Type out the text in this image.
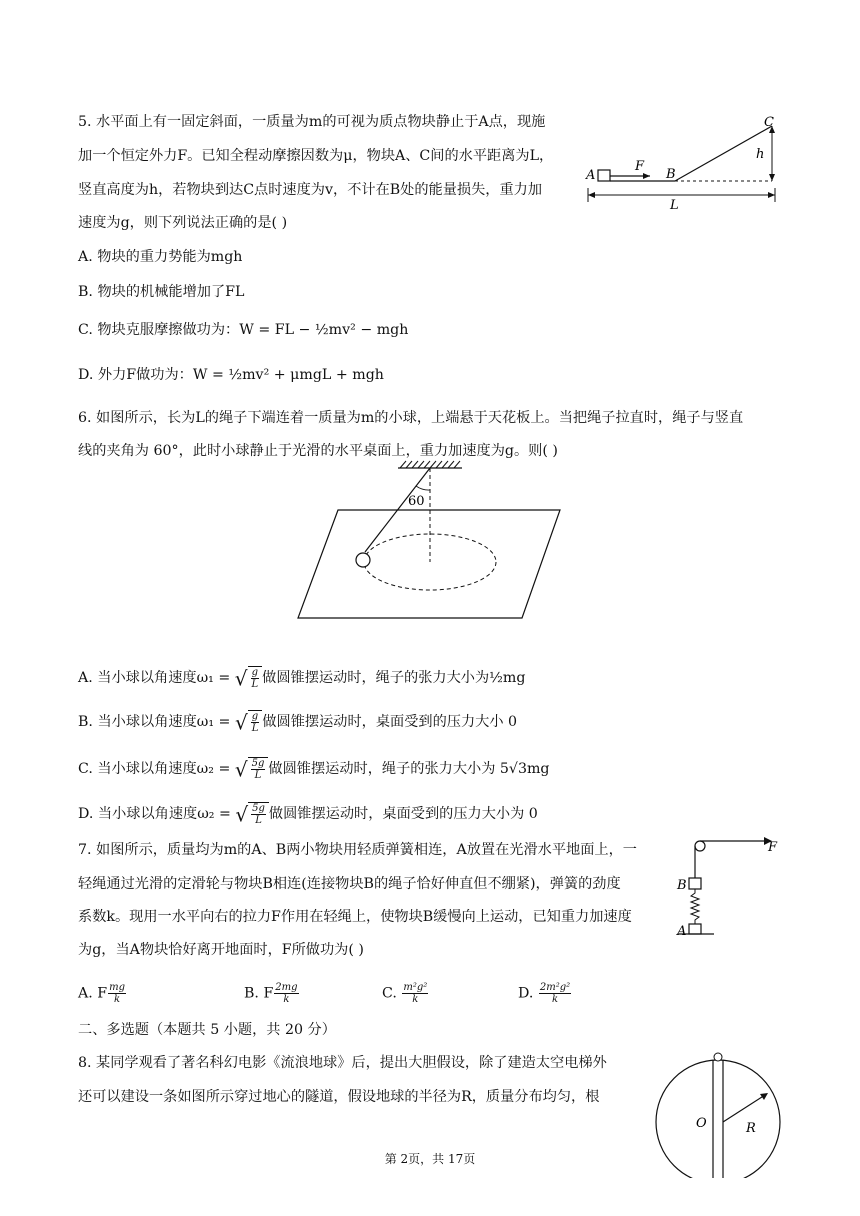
5. 水平面上有一固定斜面，一质量为m的可视为质点物块静止于A点，现施
加一个恒定外力F。已知全程动摩擦因数为μ，物块A、C间的水平距离为L，
竖直高度为h，若物块到达C点时速度为v，不计在B处的能量损失，重力加
速度为g，则下列说法正确的是( )
A
F
B
C
h
L
A. 物块的重力势能为mgh
B. 物块的机械能增加了FL
C. 物块克服摩擦做功为：W = FL − ½mv² − mgh
D. 外力F做功为：W = ½mv² + μmgL + mgh
6. 如图所示，长为L的绳子下端连着一质量为m的小球，上端悬于天花板上。当把绳子拉直时，绳子与竖直
线的夹角为 60°，此时小球静止于光滑的水平桌面上，重力加速度为g。则( )
60
A. 当小球以角速度ω₁ = √ $\frac{g}{L}$ 做圆锥摆运动时，绳子的张力大小为½mg
B. 当小球以角速度ω₁ = √ $\frac{g}{L}$ 做圆锥摆运动时，桌面受到的压力大小 0
C. 当小球以角速度ω₂ = √ $\frac{5g}{L}$ 做圆锥摆运动时，绳子的张力大小为 5√3mg
D. 当小球以角速度ω₂ = √ $\frac{5g}{L}$ 做圆锥摆运动时，桌面受到的压力大小为 0
7. 如图所示，质量均为m的A、B两小物块用轻质弹簧相连，A放置在光滑水平地面上，一
轻绳通过光滑的定滑轮与物块B相连(连接物块B的绳子恰好伸直但不绷紧)，弹簧的劲度
系数k。现用一水平向右的拉力F作用在轻绳上，使物块B缓慢向上运动，已知重力加速度
为g，当A物块恰好离开地面时，F所做功为( )
F
B
A
A. F $\frac{mg}{k}$	B. F $\frac{2mg}{k}$	C. $\frac{\text{m²g²}}{k}$	D. $\frac{\text{2m²g²}}{k}$
二、多选题（本题共 5 小题，共 20 分）
8. 某同学观看了著名科幻电影《流浪地球》后，提出大胆假设，除了建造太空电梯外
还可以建设一条如图所示穿过地心的隧道，假设地球的半径为R，质量分布均匀，根
O	R
第 2页，共 17页
